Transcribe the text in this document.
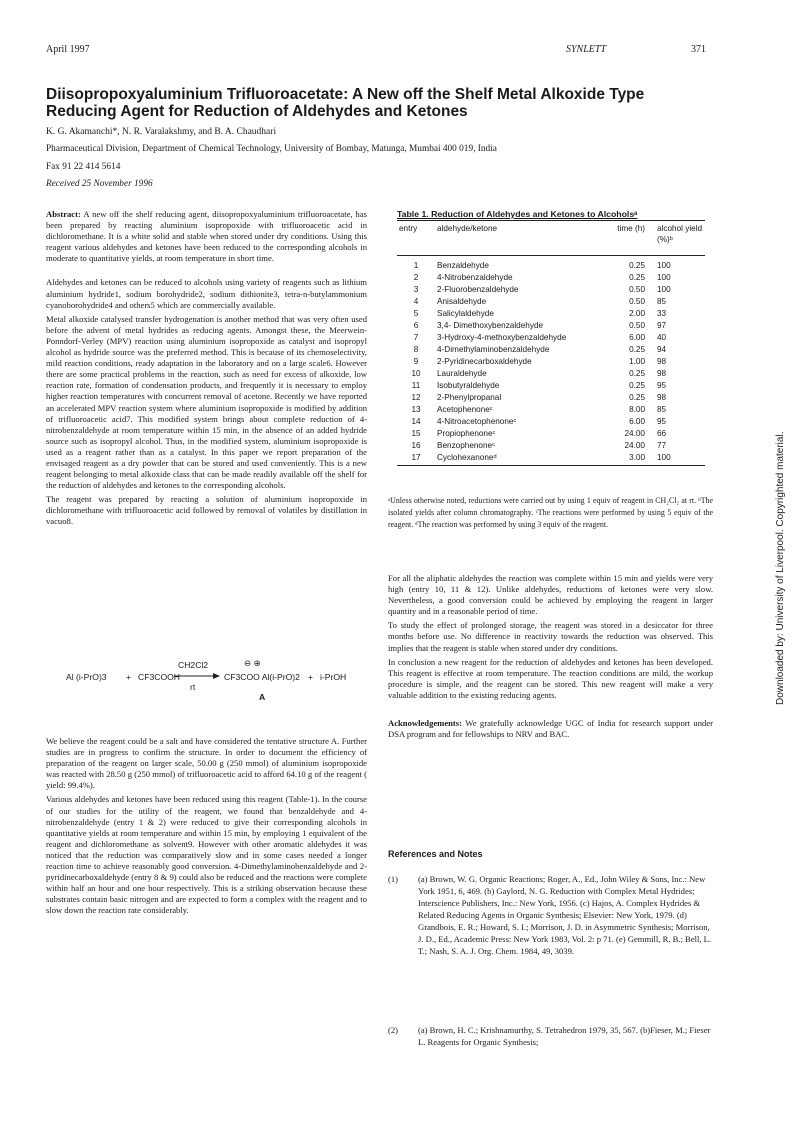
April 1997	SYNLETT	371
Diisopropoxyaluminium Trifluoroacetate: A New off the Shelf Metal Alkoxide Type Reducing Agent for Reduction of Aldehydes and Ketones
K. G. Akamanchi*, N. R. Varalakshmy, and B. A. Chaudhari
Pharmaceutical Division, Department of Chemical Technology, University of Bombay, Matunga, Mumbai 400 019, India
Fax 91 22 414 5614
Received 25 November 1996

Abstract: A new off the shelf reducing agent, diisopropoxyaluminium trifluoroacetate, has been prepared by reacting aluminium isopropoxide with trifluoroacetic acid in dichloromethane. It is a white solid and stable when stored under dry conditions. Using this reagent various aldehydes and ketones have been reduced to the corresponding alcohols in moderate to quantitative yields, at room temperature in short time.

Aldehydes and ketones can be reduced to alcohols using variety of reagents such as lithium aluminium hydride1, sodium borohydride2, sodium dithionite3, tetra-n-butylammonium cyanoborohydride4 and others5 which are commercially available.

Metal alkoxide catalysed transfer hydrogenation is another method that was very often used before the advent of metal hydrides as reducing agents. Amongst these, the Meerwein-Ponndorf-Verley (MPV) reaction using aluminium isopropoxide as catalyst and isopropyl alcohol as hydride source was the preferred method. This is because of its chemoselectivity, mild reaction conditions, ready adaptation in the laboratory and on a large scale6. However there are some practical problems in the reaction, such as need for excess of alkoxide, low reaction rate, formation of condensation products, and frequently it is necessary to employ higher reaction temperatures with concurrent removal of acetone. Recently we have reported an accelerated MPV reaction system where aluminium isopropoxide is modified by addition of trifluoroacetic acid7. This modified system brings about complete reduction of 4-nitrobenzaldehyde at room temperature within 15 min, in the absence of an added hydride source such as isopropyl alcohol. Thus, in the modified system, aluminium isopropoxide is used as a reagent rather than as a catalyst. In this paper we report preparation of the envisaged reagent as a dry powder that can be stored and used conveniently. This is a new reagent belonging to metal alkoxide class that can be made readily available off the shelf for the reduction of aldehydes and ketones to the corresponding alcohols.

The reagent was prepared by reacting a solution of aluminium isopropoxide in dichloromethane with trifluoroacetic acid followed by removal of volatiles by distillation in vacuo8.

Al (i-PrO)3 + CF3COOH
CH2Cl2
rt
⊖ ⊕
CF3COO Al(i-PrO)2 + i-PrOH
A

We believe the reagent could be a salt and have considered the tentative structure A. Further studies are in progress to confirm the structure. In order to document the efficiency of preparation of the reagent on larger scale, 50.00 g (250 mmol) of aluminium isopropoxide was reacted with 28.50 g (250 mmol) of trifluoroacetic acid to afford 64.10 g of the reagent ( yield: 99.4%).

Various aldehydes and ketones have been reduced using this reagent (Table-1). In the course of our studies for the utility of the reagent, we found that benzaldehyde and 4-nitrobenzaldehyde (entry 1 & 2) were reduced to give their corresponding alcohols in quantitative yields at room temperature and within 15 min, by employing 1 equivalent of the reagent and dichloromethane as solvent9. However with other aromatic aldehydes it was noticed that the reduction was comparatively slow and in some cases needed a longer reaction time to achieve reasonably good conversion. 4-Dimethylaminobenzaldehyde and 2-pyridinecarboxaldehyde (entry 8 & 9) could also be reduced and the reactions were complete within half an hour and one hour respectively. This is a striking observation because these substrates contain basic nitrogen and are expected to form a complex with the reagent and to slow down the reaction rate considerably.

Table 1. Reduction of Aldehydes and Ketones to Alcoholsᵃ
entry	aldehyde/ketone	time (h)	alcohol yield (%)ᵇ
1	Benzaldehyde	0.25	100
2	4-Nitrobenzaldehyde	0.25	100
3	2-Fluorobenzaldehyde	0.50	100
4	Anisaldehyde	0.50	85
5	Salicylaldehyde	2.00	33
6	3,4- Dimethoxybenzaldehyde	0.50	97
7	3-Hydroxy-4-methoxybenzaldehyde	6.00	40
8	4-Dimethylaminobenzaldehyde	0.25	94
9	2-Pyridinecarboxaldehyde	1.00	98
10	Lauraldehyde	0.25	98
11	Isobutyraldehyde	0.25	95
12	2-Phenylpropanal	0.25	98
13	Acetophenoneᶜ	8.00	85
14	4-Nitroacetophenoneᶜ	6.00	95
15	Propiophenoneᶜ	24.00	66
16	Benzophenoneᶜ	24.00	77
17	Cyclohexanoneᵈ	3.00	100
ᵃUnless otherwise noted, reductions were carried out by using 1 equiv of reagent in CH₂Cl₂ at rt. ᵇThe isolated yields after column chromatography. ᶜThe reactions were performed by using 5 equiv of the reagent. ᵈThe reaction was performed by using 3 equiv of the reagent.

For all the aliphatic aldehydes the reaction was complete within 15 min and yields were very high (entry 10, 11 & 12). Unlike aldehydes, reductions of ketones were very slow. Nevertheless, a good conversion could be achieved by employing the reagent in larger quantity and in a reasonable period of time.

To study the effect of prolonged storage, the reagent was stored in a desiccator for three months before use. No difference in reactivity towards the reduction was observed. This implies that the reagent is stable when stored under dry conditions.

In conclusion a new reagent for the reduction of aldehydes and ketones has been developed. This reagent is effective at room temperature. The reaction conditions are mild, the workup procedure is simple, and the reagent can be stored. This new reagent will make a very valuable addition to the existing reducing agents.

Acknowledgements: We gratefully acknowledge UGC of India for research support under DSA program and for fellowships to NRV and BAC.

References and Notes
(1) (a) Brown, W. G. Organic Reactions; Roger, A., Ed., John Wiley & Sons, Inc.: New York 1951, 6, 469. (b) Gaylord, N. G. Reduction with Complex Metal Hydrides; Interscience Publishers, Inc.: New York, 1956. (c) Hajos, A. Complex Hydrides & Related Reducing Agents in Organic Synthesis; Elsevier: New York, 1979. (d) Grandbois, E. R.; Howard, S. I.; Morrison, J. D. in Asymmetric Synthesis; Morrison, J. D., Ed., Academic Press: New York 1983, Vol. 2: p 71. (e) Gemmill, R. B.; Bell, L. T.; Nash, S. A. J. Org. Chem. 1984, 49, 3039.
(2) (a) Brown, H. C.; Krishnamurthy, S. Tetrahedron 1979, 35, 567. (b)Fieser, M.; Fieser L. Reagents for Organic Synthesis;
Downloaded by: University of Liverpool. Copyrighted material.
